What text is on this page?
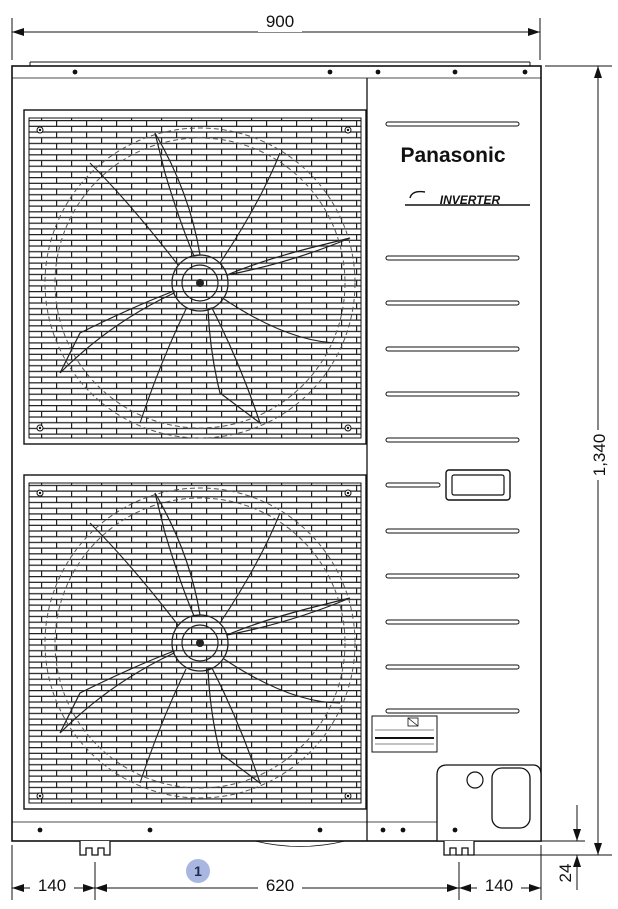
900
1,340
Panasonic
INVERTER
24
140	620	140
1
